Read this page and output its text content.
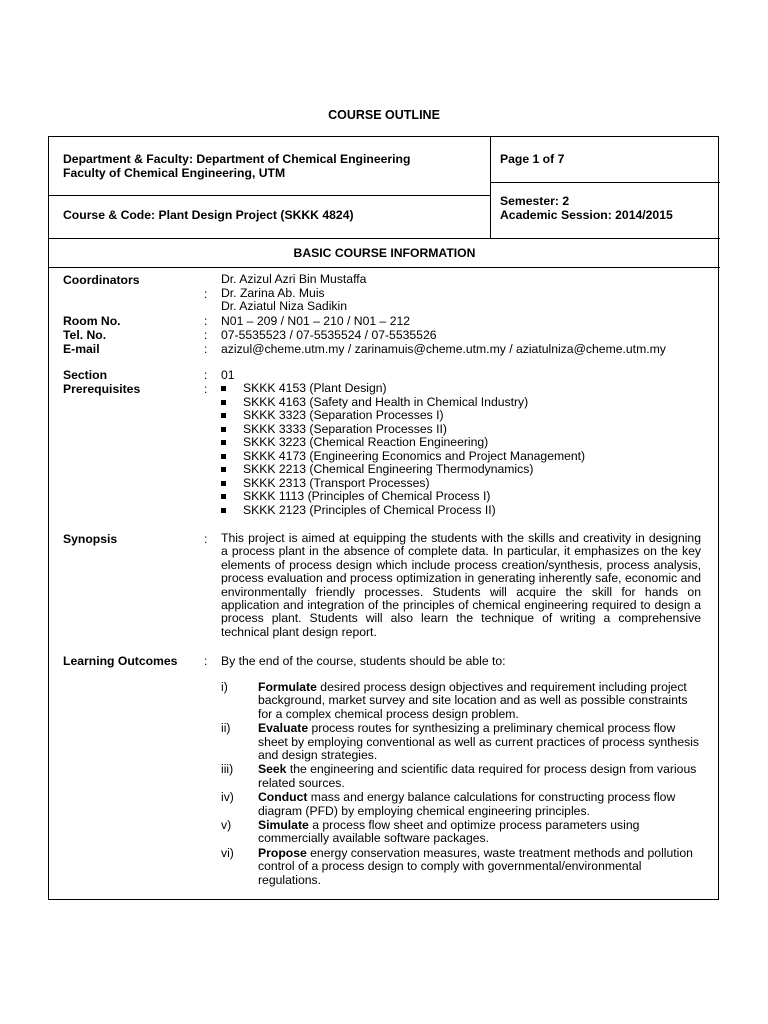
COURSE OUTLINE
Department & Faculty: Department of Chemical Engineering
Faculty of Chemical Engineering, UTM
Page 1 of 7
Course & Code: Plant Design Project (SKKK 4824)
Semester: 2
Academic Session: 2014/2015
BASIC COURSE INFORMATION
Coordinators
:
Dr. Azizul Azri Bin Mustaffa
Dr. Zarina Ab. Muis
Dr. Aziatul Niza Sadikin
Room No.	: N01 – 209 / N01 – 210 / N01 – 212
Tel. No.	: 07-5535523 / 07-5535524 / 07-5535526
E-mail	: azizul@cheme.utm.my / zarinamuis@cheme.utm.my / aziatulniza@cheme.utm.my
Section	: 01
Prerequisites	:	SKKK 4153 (Plant Design)
SKKK 4163 (Safety and Health in Chemical Industry)
SKKK 3323 (Separation Processes I)
SKKK 3333 (Separation Processes II)
SKKK 3223 (Chemical Reaction Engineering)
SKKK 4173 (Engineering Economics and Project Management)
SKKK 2213 (Chemical Engineering Thermodynamics)
SKKK 2313 (Transport Processes)
SKKK 1113 (Principles of Chemical Process I)
SKKK 2123 (Principles of Chemical Process II)
Synopsis	: This project is aimed at equipping the students with the skills and creativity in designing a process plant in the absence of complete data. In particular, it emphasizes on the key elements of process design which include process creation/synthesis, process analysis, process evaluation and process optimization in generating inherently safe, economic and environmentally friendly processes. Students will acquire the skill for hands on application and integration of the principles of chemical engineering required to design a process plant. Students will also learn the technique of writing a comprehensive technical plant design report.
Learning Outcomes : By the end of the course, students should be able to:
i) Formulate desired process design objectives and requirement including project background, market survey and site location and as well as possible constraints for a complex chemical process design problem.
ii) Evaluate process routes for synthesizing a preliminary chemical process flow sheet by employing conventional as well as current practices of process synthesis and design strategies.
iii) Seek the engineering and scientific data required for process design from various related sources.
iv) Conduct mass and energy balance calculations for constructing process flow diagram (PFD) by employing chemical engineering principles.
v) Simulate a process flow sheet and optimize process parameters using commercially available software packages.
vi) Propose energy conservation measures, waste treatment methods and pollution control of a process design to comply with governmental/environmental regulations.
